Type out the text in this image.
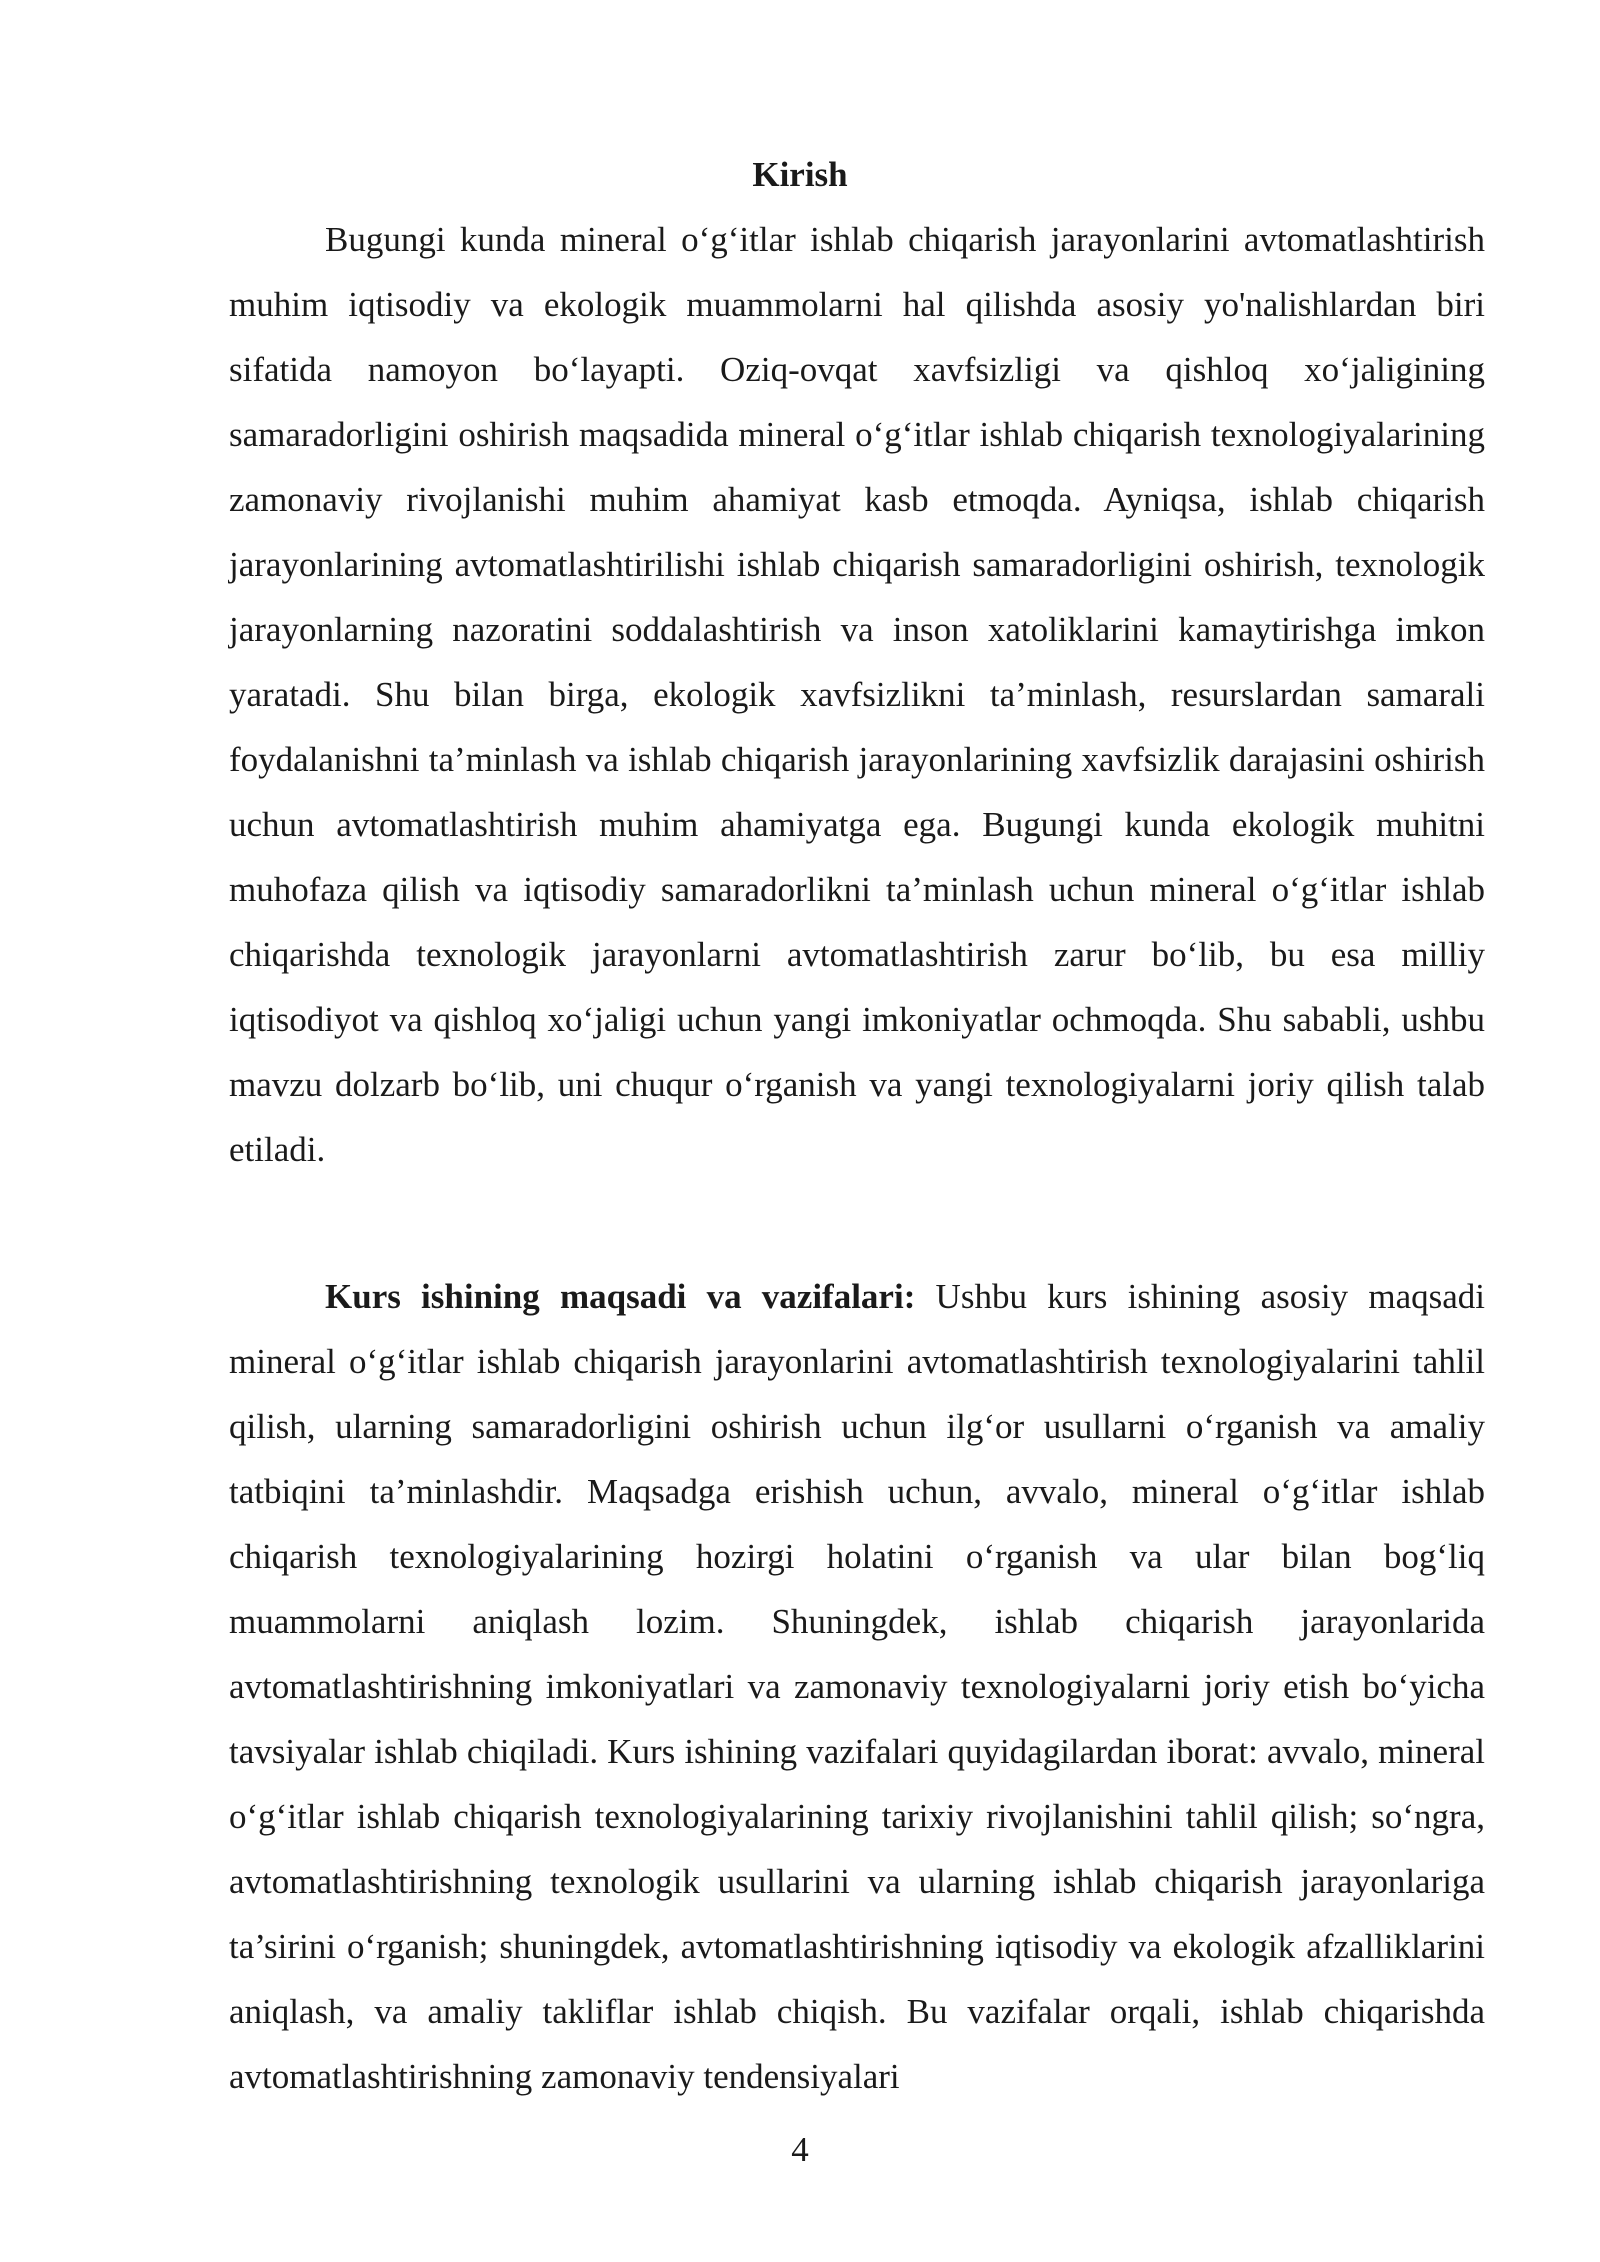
Kirish

Bugungi kunda mineral o‘g‘itlar ishlab chiqarish jarayonlarini avtomatlashtirish muhim iqtisodiy va ekologik muammolarni hal qilishda asosiy yo'nalishlardan biri sifatida namoyon bo‘layapti. Oziq-ovqat xavfsizligi va qishloq xo‘jaligining samaradorligini oshirish maqsadida mineral o‘g‘itlar ishlab chiqarish texnologiyalarining zamonaviy rivojlanishi muhim ahamiyat kasb etmoqda. Ayniqsa, ishlab chiqarish jarayonlarining avtomatlashtirilishi ishlab chiqarish samaradorligini oshirish, texnologik jarayonlarning nazoratini soddalashtirish va inson xatoliklarini kamaytirishga imkon yaratadi. Shu bilan birga, ekologik xavfsizlikni ta’minlash, resurslardan samarali foydalanishni ta’minlash va ishlab chiqarish jarayonlarining xavfsizlik darajasini oshirish uchun avtomatlashtirish muhim ahamiyatga ega. Bugungi kunda ekologik muhitni muhofaza qilish va iqtisodiy samaradorlikni ta’minlash uchun mineral o‘g‘itlar ishlab chiqarishda texnologik jarayonlarni avtomatlashtirish zarur bo‘lib, bu esa milliy iqtisodiyot va qishloq xo‘jaligi uchun yangi imkoniyatlar ochmoqda. Shu sababli, ushbu mavzu dolzarb bo‘lib, uni chuqur o‘rganish va yangi texnologiyalarni joriy qilish talab etiladi.

Kurs ishining maqsadi va vazifalari: Ushbu kurs ishining asosiy maqsadi mineral o‘g‘itlar ishlab chiqarish jarayonlarini avtomatlashtirish texnologiyalarini tahlil qilish, ularning samaradorligini oshirish uchun ilg‘or usullarni o‘rganish va amaliy tatbiqini ta’minlashdir. Maqsadga erishish uchun, avvalo, mineral o‘g‘itlar ishlab chiqarish texnologiyalarining hozirgi holatini o‘rganish va ular bilan bog‘liq muammolarni aniqlash lozim. Shuningdek, ishlab chiqarish jarayonlarida avtomatlashtirishning imkoniyatlari va zamonaviy texnologiyalarni joriy etish bo‘yicha tavsiyalar ishlab chiqiladi. Kurs ishining vazifalari quyidagilardan iborat: avvalo, mineral o‘g‘itlar ishlab chiqarish texnologiyalarining tarixiy rivojlanishini tahlil qilish; so‘ngra, avtomatlashtirishning texnologik usullarini va ularning ishlab chiqarish jarayonlariga ta’sirini o‘rganish; shuningdek, avtomatlashtirishning iqtisodiy va ekologik afzalliklarini aniqlash, va amaliy takliflar ishlab chiqish. Bu vazifalar orqali, ishlab chiqarishda avtomatlashtirishning zamonaviy tendensiyalari

4
